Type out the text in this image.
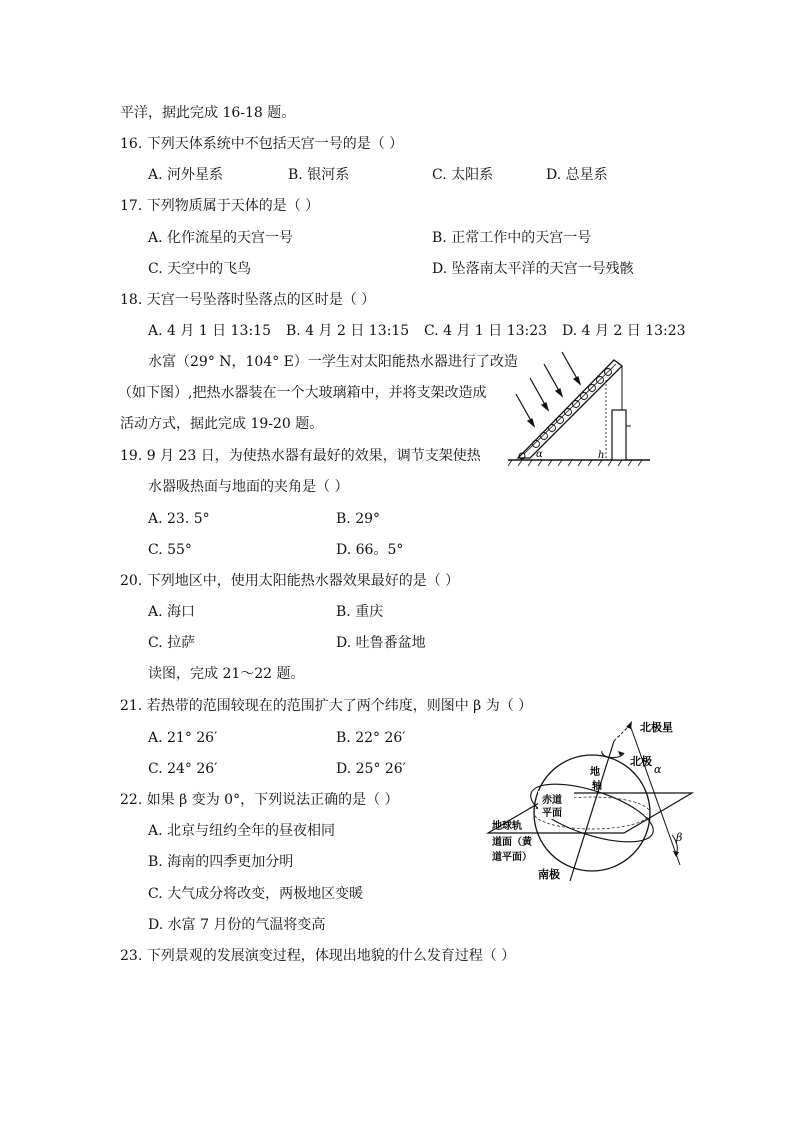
平洋，据此完成 16-18 题。
16. 下列天体系统中不包括天宫一号的是（ ）
A. 河外星系	B. 银河系	C. 太阳系	D. 总星系
17. 下列物质属于天体的是（ ）
A. 化作流星的天宫一号	B. 正常工作中的天宫一号
C. 天空中的飞鸟	D. 坠落南太平洋的天宫一号残骸
18. 天宫一号坠落时坠落点的区时是（ ）
A. 4 月 1 日 13:15 B. 4 月 2 日 13:15 C. 4 月 1 日 13:23 D. 4 月 2 日 13:23
水富（29° N，104° E）一学生对太阳能热水器进行了改造
（如下图）,把热水器装在一个大玻璃箱中，并将支架改造成
活动方式，据此完成 19-20 题。
19. 9 月 23 日，为使热水器有最好的效果，调节支架使热
水器吸热面与地面的夹角是（ ）
A. 23. 5°	B. 29°
C. 55°	D. 66。5°
20. 下列地区中，使用太阳能热水器效果最好的是（ ）
A. 海口	B. 重庆
C. 拉萨	D. 吐鲁番盆地
读图，完成 21～22 题。
21. 若热带的范围较现在的范围扩大了两个纬度，则图中 β 为（ ）
A. 21° 26′	B. 22° 26′
C. 24° 26′	D. 25° 26′
22. 如果 β 变为 0°，下列说法正确的是（ ）
A. 北京与纽约全年的昼夜相同
B. 海南的四季更加分明
C. 大气成分将改变，两极地区变暖
D. 水富 7 月份的气温将变高
23. 下列景观的发展演变过程，体现出地貌的什么发育过程（ ）
α	h
北极星
北极
α
β
地
轴
赤道
平面
地球轨
道面（黄
道平面）
南极
